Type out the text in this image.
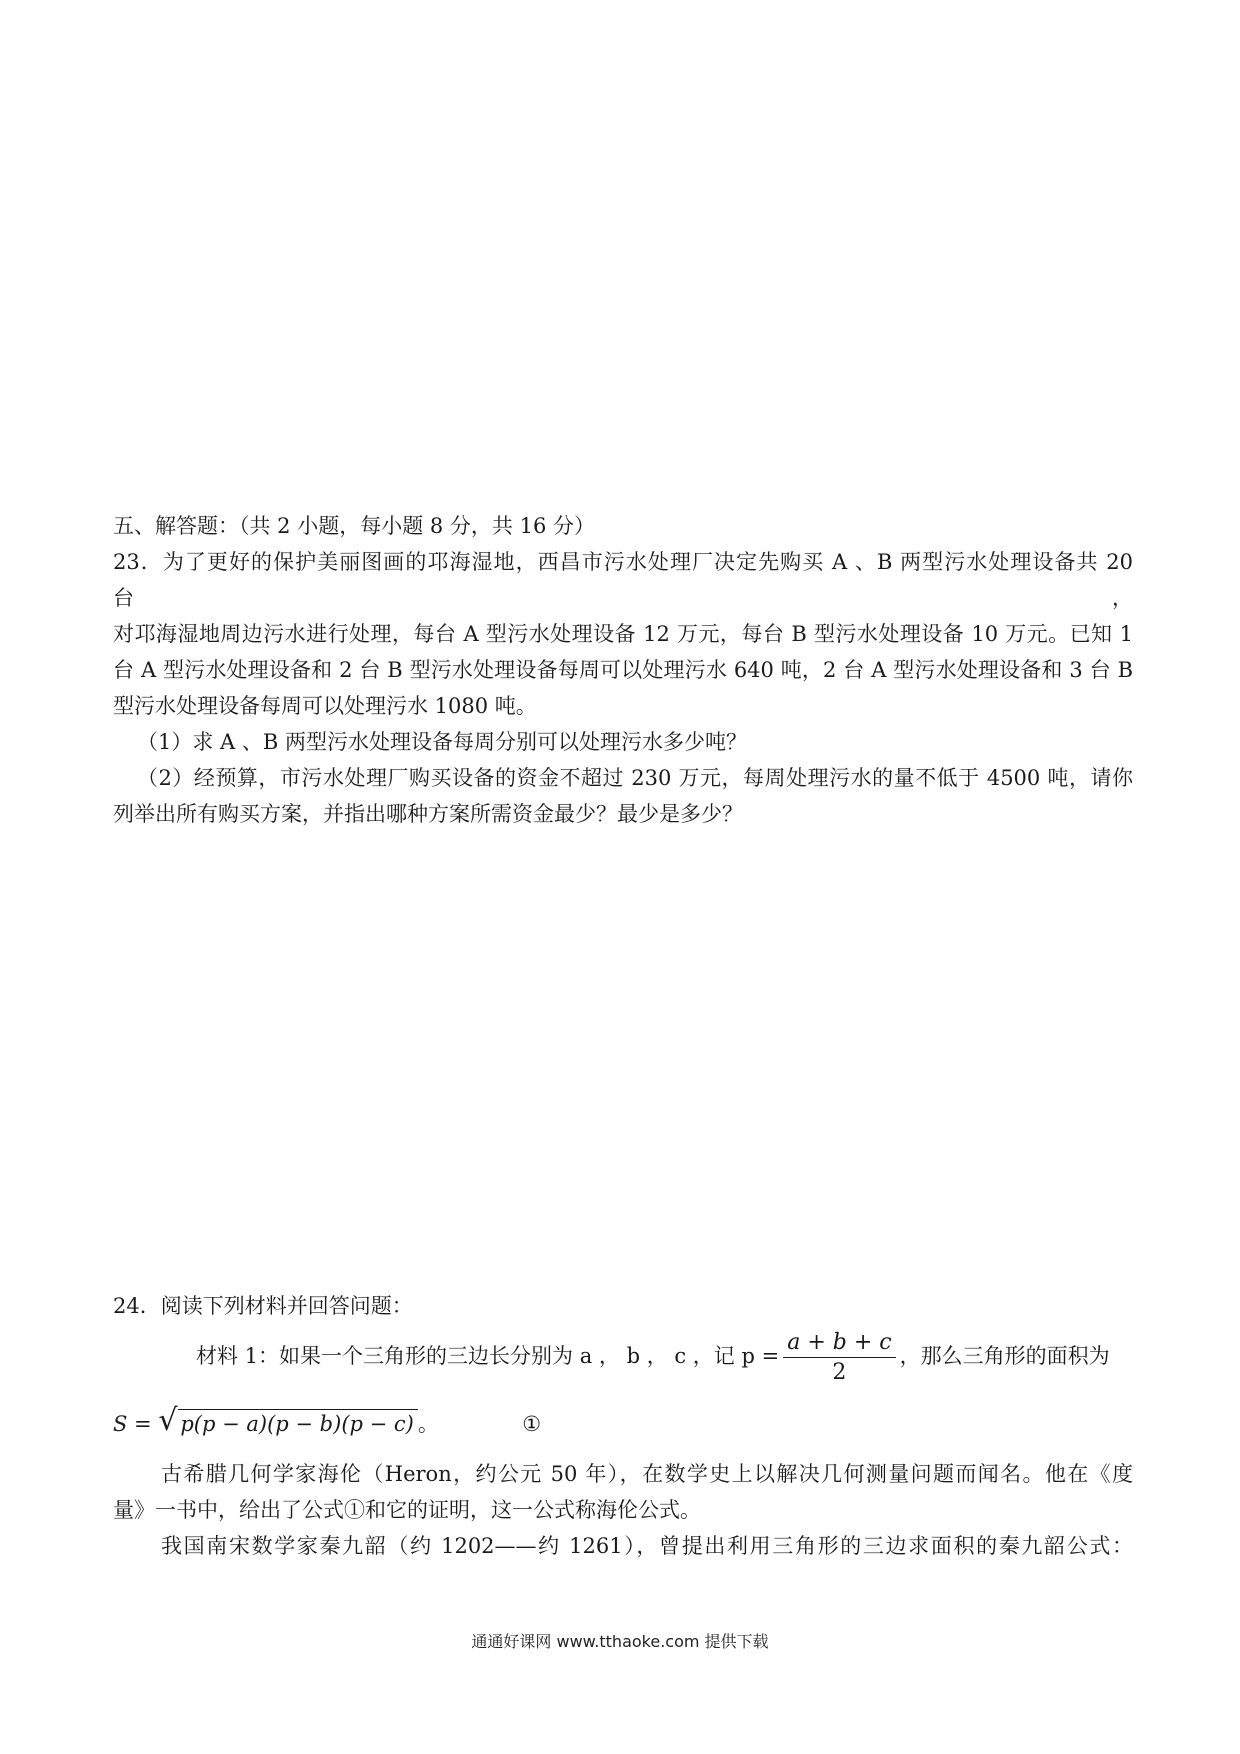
五、解答题：（共 2 小题，每小题 8 分，共 16 分）
23．为了更好的保护美丽图画的邛海湿地，西昌市污水处理厂决定先购买 A 、B 两型污水处理设备共 20 台，
对邛海湿地周边污水进行处理，每台 A 型污水处理设备 12 万元，每台 B 型污水处理设备 10 万元。已知 1
台 A 型污水处理设备和 2 台 B 型污水处理设备每周可以处理污水 640 吨，2 台 A 型污水处理设备和 3 台 B
型污水处理设备每周可以处理污水 1080 吨。
（1）求 A 、B 两型污水处理设备每周分别可以处理污水多少吨？
（2）经预算，市污水处理厂购买设备的资金不超过 230 万元，每周处理污水的量不低于 4500 吨，请你
列举出所有购买方案，并指出哪种方案所需资金最少？最少是多少？
24．阅读下列材料并回答问题：
材料 1：如果一个三角形的三边长分别为 a ， b ， c ，记 $p = \frac{a + b + c}{2}$ ，那么三角形的面积为
S = √ p(p − a)(p − b)(p − c) 。	①
古希腊几何学家海伦（Heron，约公元 50 年），在数学史上以解决几何测量问题而闻名。他在《度
量》一书中，给出了公式①和它的证明，这一公式称海伦公式。
我国南宋数学家秦九韶（约 1202——约 1261），曾提出利用三角形的三边求面积的秦九韶公式：
通通好课网 www.tthaoke.com 提供下载
